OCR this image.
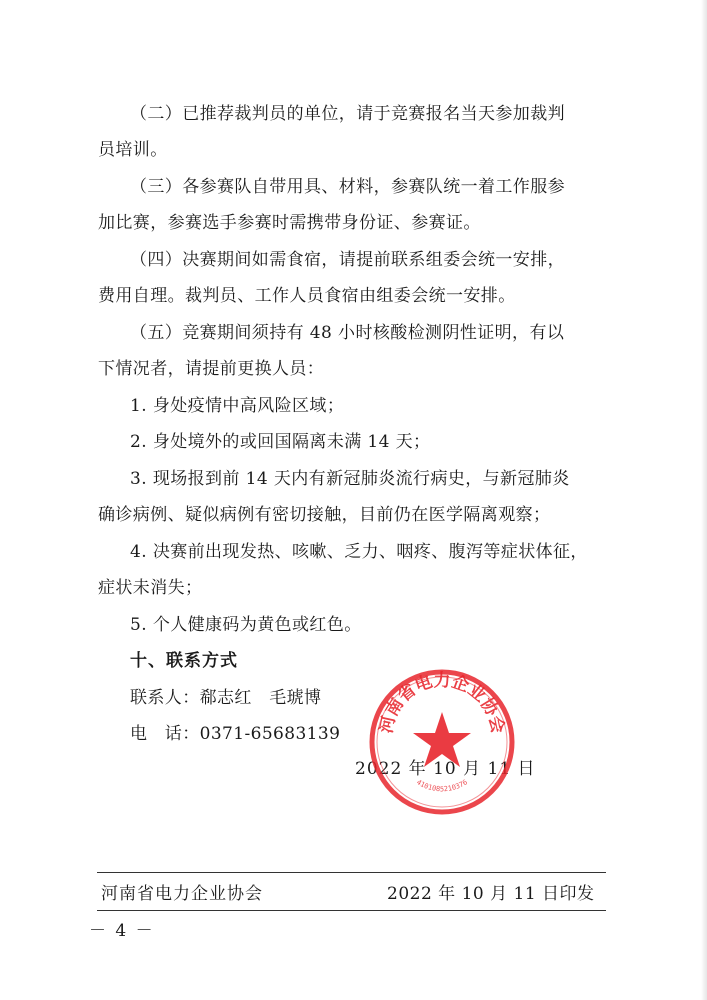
（二）已推荐裁判员的单位，请于竞赛报名当天参加裁判
员培训。
（三）各参赛队自带用具、材料，参赛队统一着工作服参
加比赛，参赛选手参赛时需携带身份证、参赛证。
（四）决赛期间如需食宿，请提前联系组委会统一安排，
费用自理。裁判员、工作人员食宿由组委会统一安排。
（五）竞赛期间须持有 48 小时核酸检测阴性证明，有以
下情况者，请提前更换人员：
1. 身处疫情中高风险区域；
2. 身处境外的或回国隔离未满 14 天；
3. 现场报到前 14 天内有新冠肺炎流行病史，与新冠肺炎
确诊病例、疑似病例有密切接触，目前仍在医学隔离观察；
4. 决赛前出现发热、咳嗽、乏力、咽疼、腹泻等症状体征，
症状未消失；
5. 个人健康码为黄色或红色。
十、联系方式
联系人：郗志红　毛琥博
电　话：0371-65683139
2022 年 10 月 11 日
河南省电力企业协会
4101085210376
河南省电力企业协会	2022 年 10 月 11 日印发
－ 4 －
